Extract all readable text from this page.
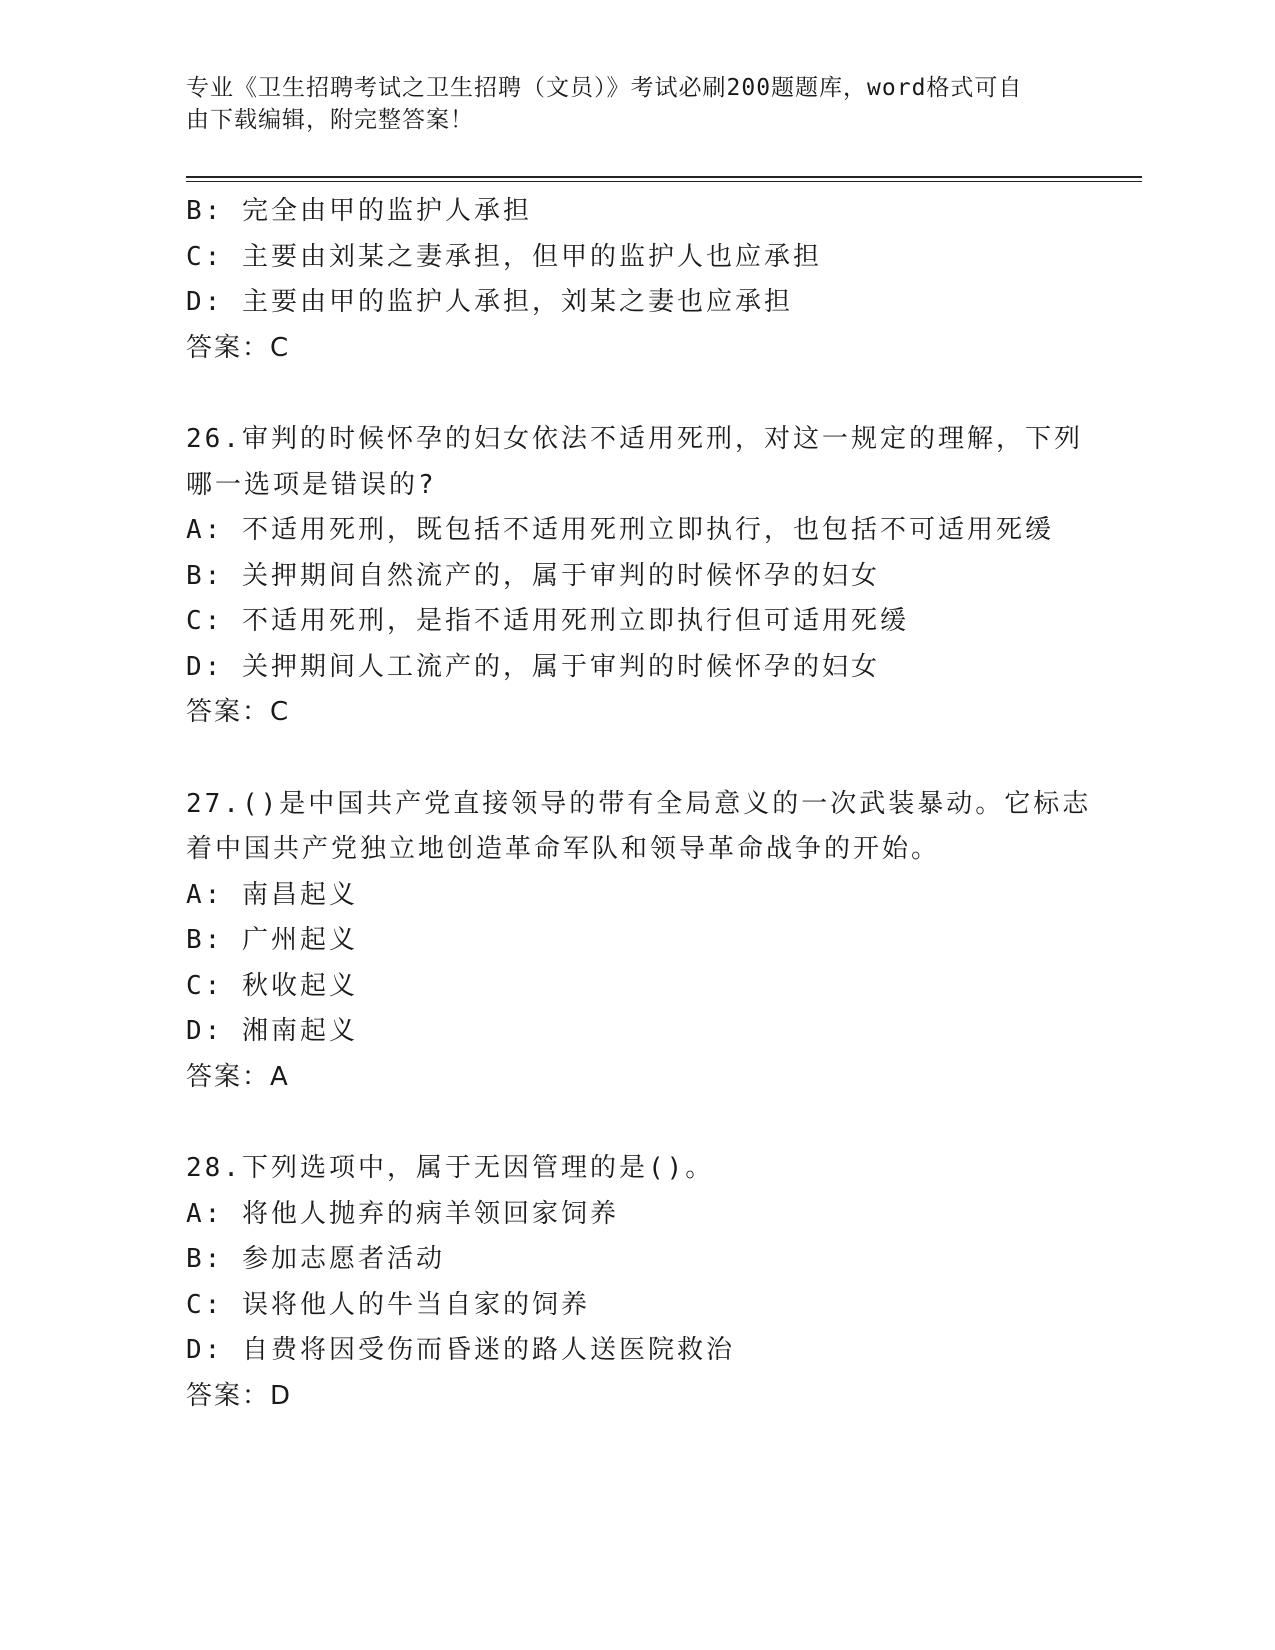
专业《卫生招聘考试之卫生招聘（文员）》考试必刷200题题库，word格式可自
由下载编辑，附完整答案！
B: 完全由甲的监护人承担
C: 主要由刘某之妻承担，但甲的监护人也应承担
D: 主要由甲的监护人承担，刘某之妻也应承担
答案：C
26.审判的时候怀孕的妇女依法不适用死刑，对这一规定的理解，下列
哪一选项是错误的?
A: 不适用死刑，既包括不适用死刑立即执行，也包括不可适用死缓
B: 关押期间自然流产的，属于审判的时候怀孕的妇女
C: 不适用死刑，是指不适用死刑立即执行但可适用死缓
D: 关押期间人工流产的，属于审判的时候怀孕的妇女
答案：C
27.()是中国共产党直接领导的带有全局意义的一次武装暴动。它标志
着中国共产党独立地创造革命军队和领导革命战争的开始。
A: 南昌起义
B: 广州起义
C: 秋收起义
D: 湘南起义
答案：A
28.下列选项中，属于无因管理的是()。
A: 将他人抛弃的病羊领回家饲养
B: 参加志愿者活动
C: 误将他人的牛当自家的饲养
D: 自费将因受伤而昏迷的路人送医院救治
答案：D
